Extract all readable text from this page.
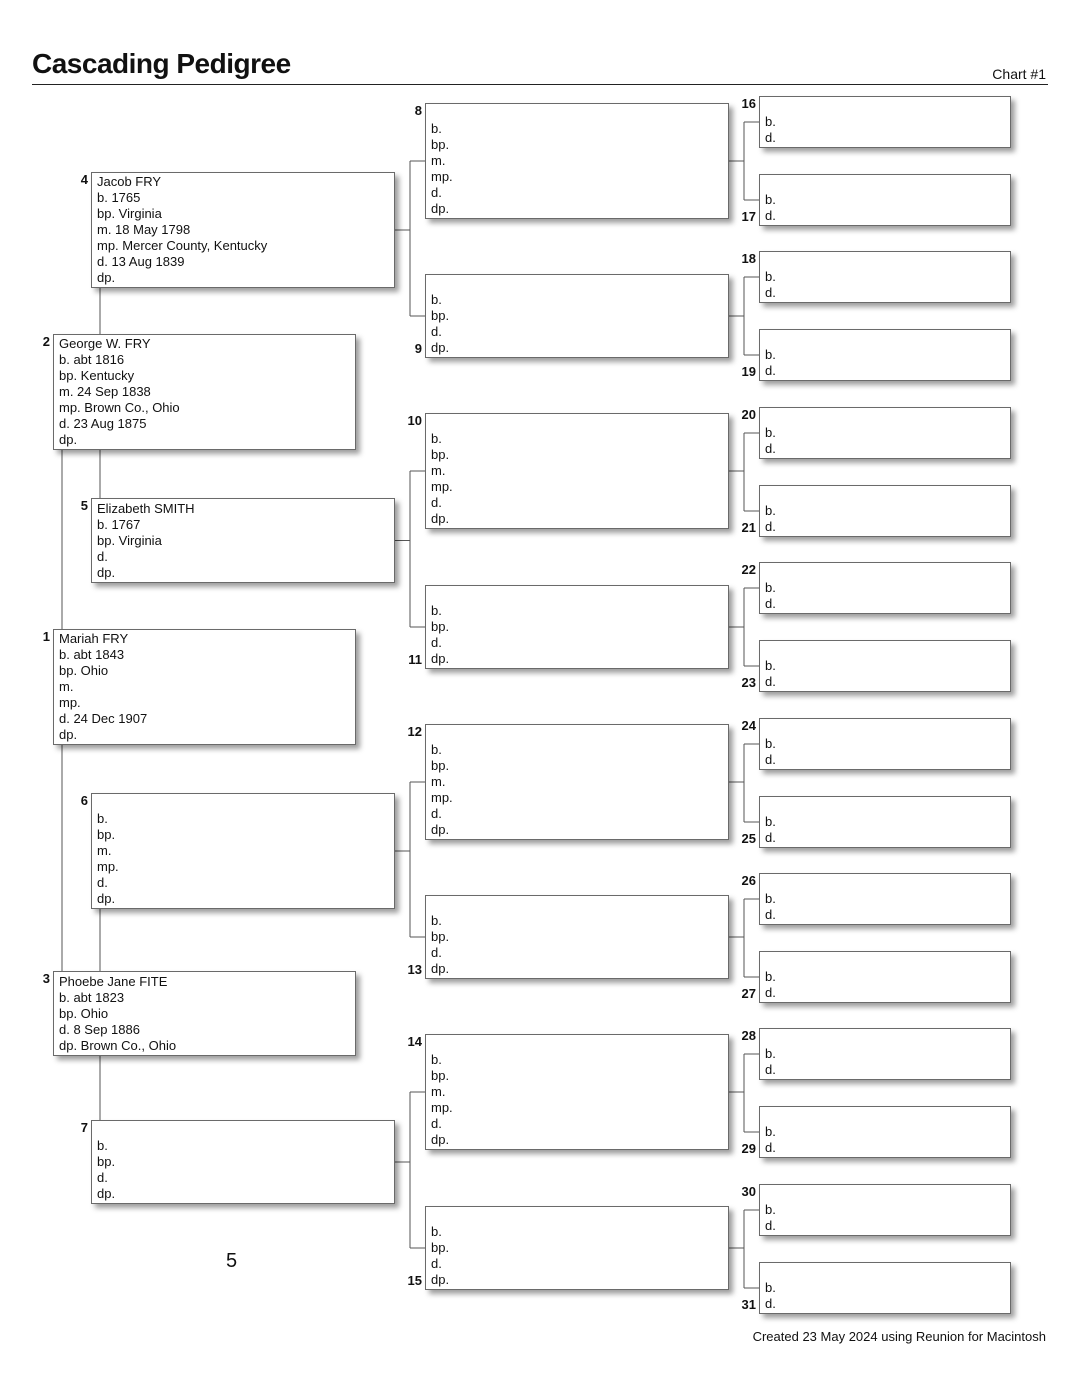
Cascading Pedigree	Chart #1
Mariah FRY
b. abt 1843
bp. Ohio
m.
mp.
d. 24 Dec 1907
dp.
1
George W. FRY
b. abt 1816
bp. Kentucky
m. 24 Sep 1838
mp. Brown Co., Ohio
d. 23 Aug 1875
dp.
2
Phoebe Jane FITE
b. abt 1823
bp. Ohio
d. 8 Sep 1886
dp. Brown Co., Ohio
3
Jacob FRY
b. 1765
bp. Virginia
m. 18 May 1798
mp. Mercer County, Kentucky
d. 13 Aug 1839
dp.
4
Elizabeth SMITH
b. 1767
bp. Virginia
d.
dp.
5
b.
bp.
m.
mp.
d.
dp.
6
b.
bp.
d.
dp.
7
b.
bp.
m.
mp.
d.
dp.
8
b.
bp.
d.
dp.
9
b.
bp.
m.
mp.
d.
dp.
10
b.
bp.
d.
dp.
11
b.
bp.
m.
mp.
d.
dp.
12
b.
bp.
d.
dp.
13
b.
bp.
m.
mp.
d.
dp.
14
b.
bp.
d.
dp.
15
b.
d.
16
b.
d.
17
b.
d.
18
b.
d.
19
b.
d.
20
b.
d.
21
b.
d.
22
b.
d.
23
b.
d.
24
b.
d.
25
b.
d.
26
b.
d.
27
b.
d.
28
b.
d.
29
b.
d.
30
b.
d.
31
5
Created 23 May 2024 using Reunion for Macintosh
